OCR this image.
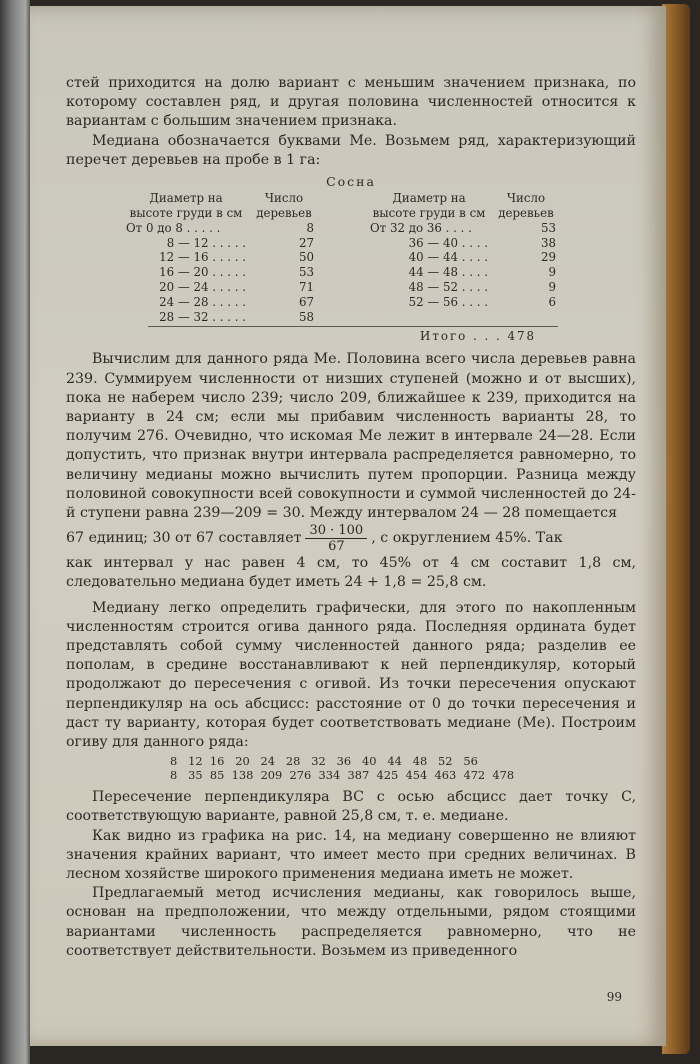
стей приходится на долю вариант с меньшим значением признака, по которому составлен ряд, и другая половина численностей относится к вариантам с большим значением признака.

Медиана обозначается буквами Ме. Возьмем ряд, характеризующий перечет деревьев на пробе в 1 га:

Сосна
Диаметр на высоте груди в см
Число деревьев
Диаметр на высоте груди в см
Число деревьев
От 0 до 8 . . . . .	8	От 32 до 36 . . . .	53
8 — 12 . . . . .	27	36 — 40 . . . .	38
12 — 16 . . . . .	50	40 — 44 . . . .	29
16 — 20 . . . . .	53	44 — 48 . . . .	9
20 — 24 . . . . .	71	48 — 52 . . . .	9
24 — 28 . . . . .	67	52 — 56 . . . .	6
28 — 32 . . . . .	58
Итого . . . 478

Вычислим для данного ряда Ме. Половина всего числа деревьев равна 239. Суммируем численности от низших ступеней (можно и от высших), пока не наберем число 239; число 209, ближайшее к 239, приходится на варианту в 24 см; если мы прибавим численность варианты 28, то получим 276. Очевидно, что искомая Ме лежит в интервале 24—28. Если допустить, что признак внутри интервала распределяется равномерно, то величину медианы можно вычислить путем пропорции. Разница между половиной совокупности всей совокупности и суммой численностей до 24-й ступени равна 239—209 = 30. Между интервалом 24 — 28 помещается

67 единиц; 30 от 67 составляет $\frac{30 \cdot 100}{67}$ , с округлением 45%. Так

как интервал у нас равен 4 см, то 45% от 4 см составит 1,8 см, следовательно медиана будет иметь 24 + 1,8 = 25,8 см.

Медиану легко определить графически, для этого по накопленным численностям строится огива данного ряда. Последняя ордината будет представлять собой сумму численностей данного ряда; разделив ее пополам, в средине восстанавливают к ней перпендикуляр, который продолжают до пересечения с огивой. Из точки пересечения опускают перпендикуляр на ось абсцисс: расстояние от 0 до точки пересечения и даст ту варианту, которая будет соответствовать медиане (Ме). Построим огиву для данного ряда:

8   12  16   20   24   28   32   36   40   44   48   52   56
8   35  85  138  209  276  334  387  425  454  463  472  478

Пересечение перпендикуляра BC с осью абсцисс дает точку C, соответствующую варианте, равной 25,8 см, т. е. медиане.

Как видно из графика на рис. 14, на медиану совершенно не влияют значения крайних вариант, что имеет место при средних величинах. В лесном хозяйстве широкого применения медиана иметь не может.

Предлагаемый метод исчисления медианы, как говорилось выше, основан на предположении, что между отдельными, рядом стоящими вариантами численность распределяется равномерно, что не соответствует действительности. Возьмем из приведенного

99
